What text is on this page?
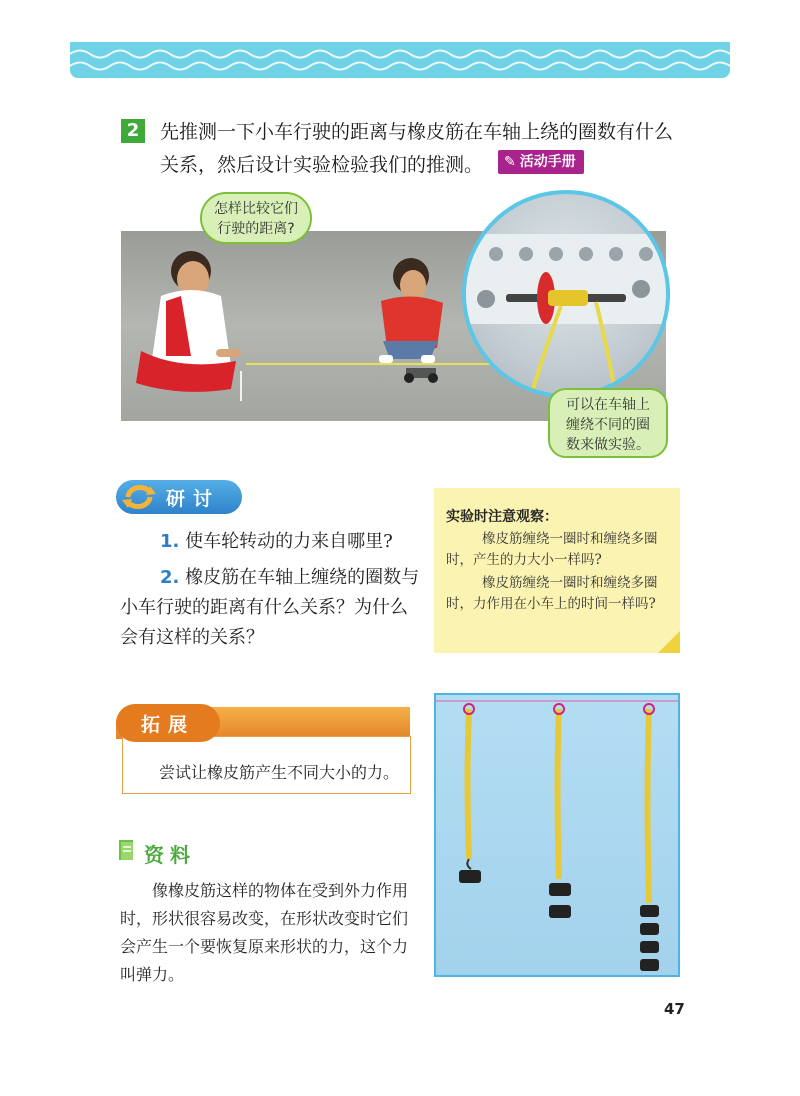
2	先推测一下小车行驶的距离与橡皮筋在车轴上绕的圈数有什么
关系，然后设计实验检验我们的推测。 ✎ 活动手册
怎样比较它们
行驶的距离?
可以在车轴上
缠绕不同的圈
数来做实验。
研讨
1. 使车轮转动的力来自哪里?
2. 橡皮筋在车轴上缠绕的圈数与小车行驶的距离有什么关系？为什么会有这样的关系？
实验时注意观察：
橡皮筋缠绕一圈时和缠绕多圈时，产生的力大小一样吗?
橡皮筋缠绕一圈时和缠绕多圈时，力作用在小车上的时间一样吗?
拓展
尝试让橡皮筋产生不同大小的力。
资料
像橡皮筋这样的物体在受到外力作用时，形状很容易改变，在形状改变时它们会产生一个要恢复原来形状的力，这个力叫弹力。
47
